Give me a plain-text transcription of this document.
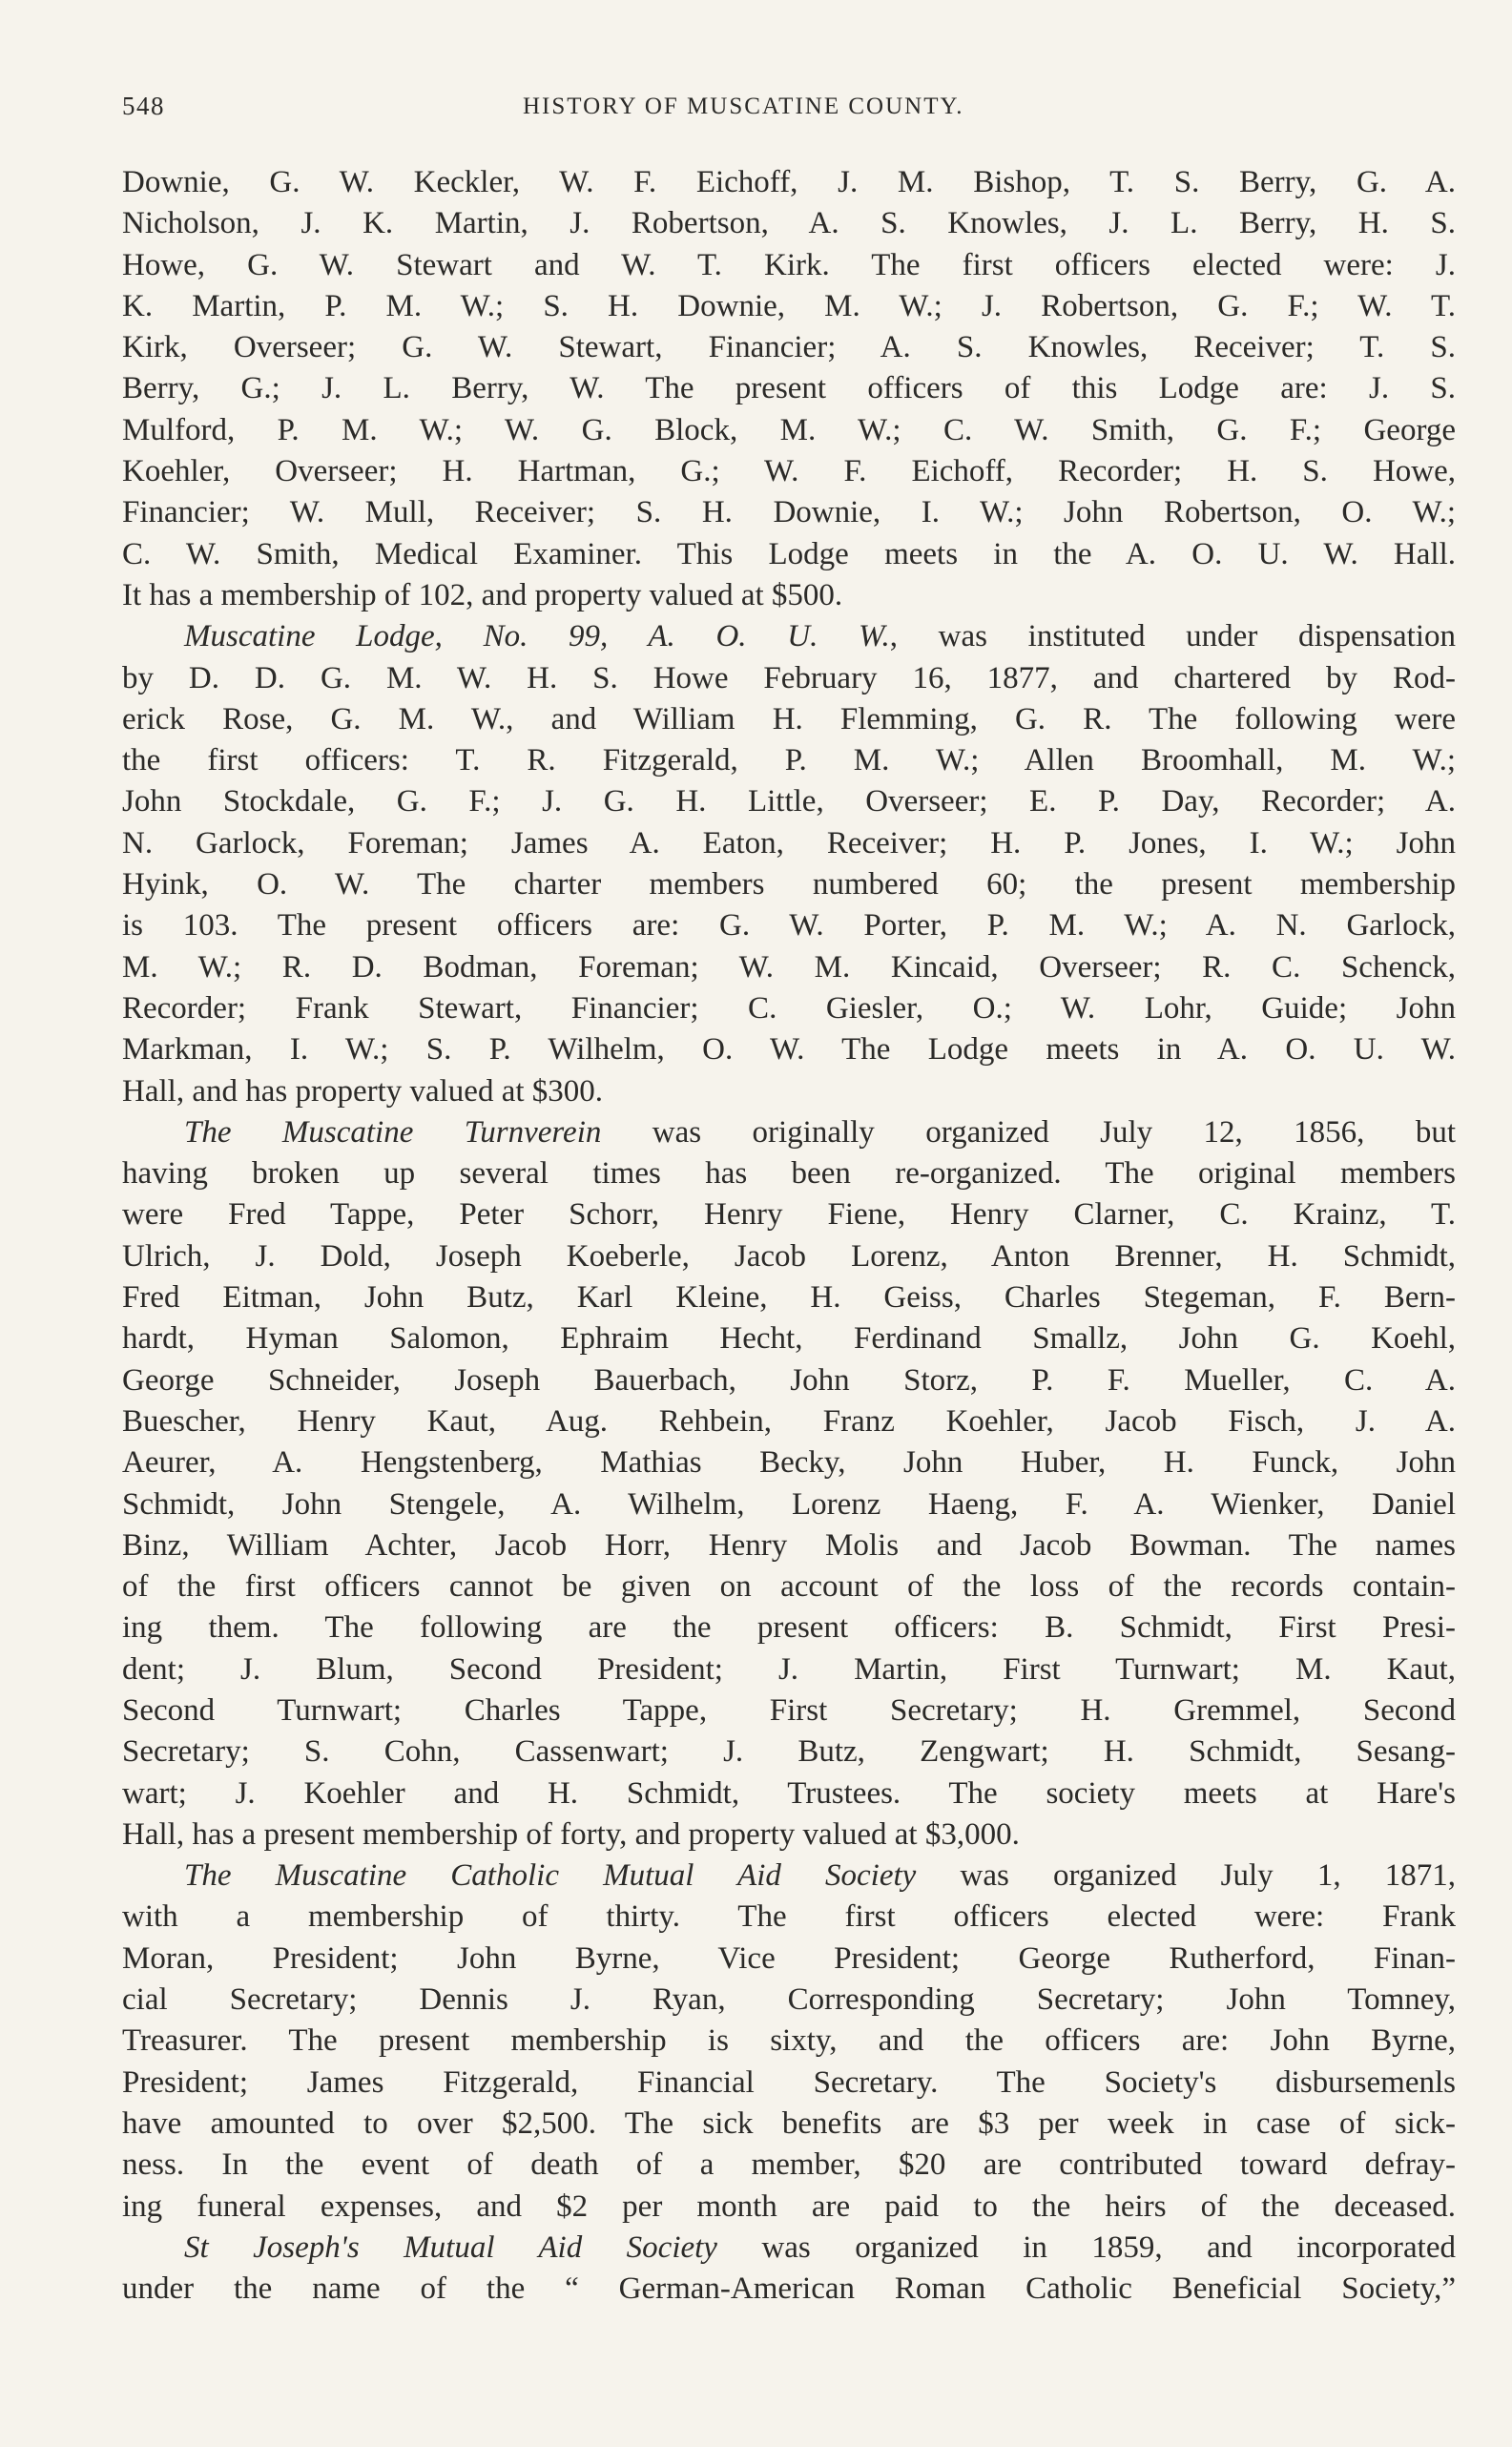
548	HISTORY OF MUSCATINE COUNTY.
Downie, G. W. Keckler, W. F. Eichoff, J. M. Bishop, T. S. Berry, G. A.
Nicholson, J. K. Martin, J. Robertson, A. S. Knowles, J. L. Berry, H. S.
Howe, G. W. Stewart and W. T. Kirk. The first officers elected were: J.
K. Martin, P. M. W.; S. H. Downie, M. W.; J. Robertson, G. F.; W. T.
Kirk, Overseer; G. W. Stewart, Financier; A. S. Knowles, Receiver; T. S.
Berry, G.; J. L. Berry, W. The present officers of this Lodge are: J. S.
Mulford, P. M. W.; W. G. Block, M. W.; C. W. Smith, G. F.; George
Koehler, Overseer; H. Hartman, G.; W. F. Eichoff, Recorder; H. S. Howe,
Financier; W. Mull, Receiver; S. H. Downie, I. W.; John Robertson, O. W.;
C. W. Smith, Medical Examiner. This Lodge meets in the A. O. U. W. Hall.
It has a membership of 102, and property valued at $500.
Muscatine Lodge, No. 99, A. O. U. W., was instituted under dispensation
by D. D. G. M. W. H. S. Howe February 16, 1877, and chartered by Rod-
erick Rose, G. M. W., and William H. Flemming, G. R. The following were
the first officers: T. R. Fitzgerald, P. M. W.; Allen Broomhall, M. W.;
John Stockdale, G. F.; J. G. H. Little, Overseer; E. P. Day, Recorder; A.
N. Garlock, Foreman; James A. Eaton, Receiver; H. P. Jones, I. W.; John
Hyink, O. W. The charter members numbered 60; the present membership
is 103. The present officers are: G. W. Porter, P. M. W.; A. N. Garlock,
M. W.; R. D. Bodman, Foreman; W. M. Kincaid, Overseer; R. C. Schenck,
Recorder; Frank Stewart, Financier; C. Giesler, O.; W. Lohr, Guide; John
Markman, I. W.; S. P. Wilhelm, O. W. The Lodge meets in A. O. U. W.
Hall, and has property valued at $300.
The Muscatine Turnverein was originally organized July 12, 1856, but
having broken up several times has been re-organized. The original members
were Fred Tappe, Peter Schorr, Henry Fiene, Henry Clarner, C. Krainz, T.
Ulrich, J. Dold, Joseph Koeberle, Jacob Lorenz, Anton Brenner, H. Schmidt,
Fred Eitman, John Butz, Karl Kleine, H. Geiss, Charles Stegeman, F. Bern-
hardt, Hyman Salomon, Ephraim Hecht, Ferdinand Smallz, John G. Koehl,
George Schneider, Joseph Bauerbach, John Storz, P. F. Mueller, C. A.
Buescher, Henry Kaut, Aug. Rehbein, Franz Koehler, Jacob Fisch, J. A.
Aeurer, A. Hengstenberg, Mathias Becky, John Huber, H. Funck, John
Schmidt, John Stengele, A. Wilhelm, Lorenz Haeng, F. A. Wienker, Daniel
Binz, William Achter, Jacob Horr, Henry Molis and Jacob Bowman. The names
of the first officers cannot be given on account of the loss of the records contain-
ing them. The following are the present officers: B. Schmidt, First Presi-
dent; J. Blum, Second President; J. Martin, First Turnwart; M. Kaut,
Second Turnwart; Charles Tappe, First Secretary; H. Gremmel, Second
Secretary; S. Cohn, Cassenwart; J. Butz, Zengwart; H. Schmidt, Sesang-
wart; J. Koehler and H. Schmidt, Trustees. The society meets at Hare's
Hall, has a present membership of forty, and property valued at $3,000.
The Muscatine Catholic Mutual Aid Society was organized July 1, 1871,
with a membership of thirty. The first officers elected were: Frank
Moran, President; John Byrne, Vice President; George Rutherford, Finan-
cial Secretary; Dennis J. Ryan, Corresponding Secretary; John Tomney,
Treasurer. The present membership is sixty, and the officers are: John Byrne,
President; James Fitzgerald, Financial Secretary. The Society's disbursemenls
have amounted to over $2,500. The sick benefits are $3 per week in case of sick-
ness. In the event of death of a member, $20 are contributed toward defray-
ing funeral expenses, and $2 per month are paid to the heirs of the deceased.
St Joseph's Mutual Aid Society was organized in 1859, and incorporated
under the name of the “ German-American Roman Catholic Beneficial Society,”
